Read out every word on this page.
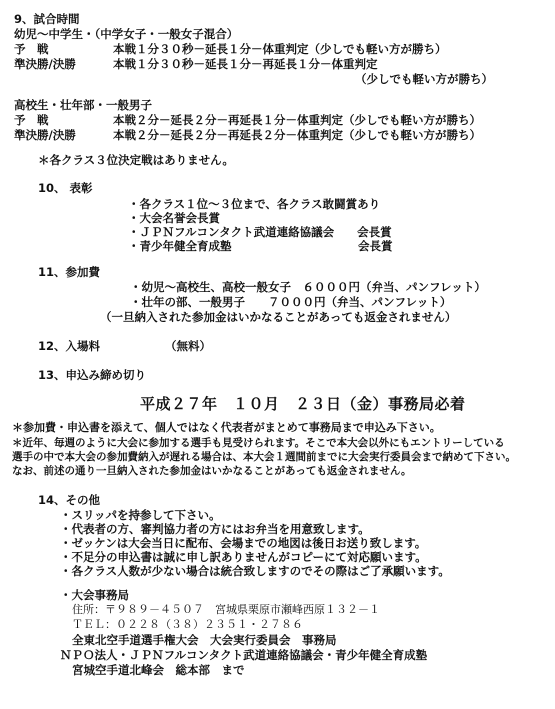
9、試合時間
幼児～中学生・（中学女子・一般女子混合）
予　戦	本戦１分３０秒－延長１分－体重判定（少しでも軽い方が勝ち）
準決勝/決勝	本戦１分３０秒－延長１分－再延長１分－体重判定
（少しでも軽い方が勝ち）
高校生・壮年部・一般男子
予　戦	本戦２分－延長２分－再延長１分－体重判定（少しでも軽い方が勝ち）
準決勝/決勝	本戦２分－延長２分－再延長２分－体重判定（少しでも軽い方が勝ち）
＊各クラス３位決定戦はありません。
10、 表彰
・各クラス１位～３位まで、各クラス敢闘賞あり
・大会名誉会長賞
・ＪＰＮフルコンタクト武道連絡協議会　　会長賞
・青少年健全育成塾　　　　　　　　　　　会長賞
11、参加費
・幼児～高校生、高校一般女子　６０００円（弁当、パンフレット）
・壮年の部、一般男子　　７０００円（弁当、パンフレット）
（一旦納入された参加金はいかなることがあっても返金されません）
12、入場料	（無料）
13、申込み締め切り
平成２７年　１０月　２３日（金）事務局必着
＊参加費・申込書を添えて、個人ではなく代表者がまとめて事務局まで申込み下さい。
＊近年、毎週のように大会に参加する選手も見受けられます。そこで本大会以外にもエントリーしている
選手の中で本大会の参加費納入が遅れる場合は、本大会１週間前までに大会実行委員会まで納めて下さい。
なお、前述の通り一旦納入された参加金はいかなることがあっても返金されません。
14、その他
・スリッパを持参して下さい。
・代表者の方、審判協力者の方にはお弁当を用意致します。
・ゼッケンは大会当日に配布、会場までの地図は後日お送り致します。
・不足分の申込書は誠に申し訳ありませんがコピーにて対応願います。
・各クラス人数が少ない場合は統合致しますのでその際はご了承願います。
・大会事務局
住所：〒９８９－４５０７　宮城県栗原市瀬峰西原１３２－１
ＴＥＬ：０２２８（３８）２３５１・２７８６
全東北空手道選手権大会　大会実行委員会　事務局
ＮＰＯ法人・ＪＰＮフルコンタクト武道連絡協議会・青少年健全育成塾
宮城空手道北峰会　総本部　まで
